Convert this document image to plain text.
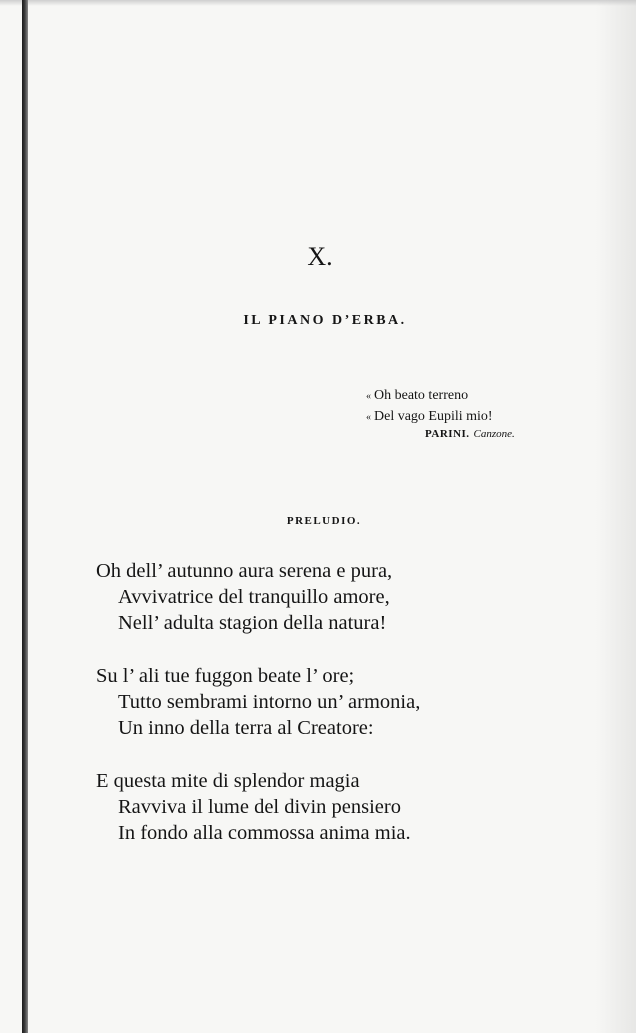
X.
IL PIANO D’ERBA.
« Oh beato terreno
« Del vago Eupili mio!
PARINI. Canzone.
PRELUDIO.
Oh dell’ autunno aura serena e pura,
Avvivatrice del tranquillo amore,
Nell’ adulta stagion della natura!
Su l’ ali tue fuggon beate l’ ore;
Tutto sembrami intorno un’ armonia,
Un inno della terra al Creatore:
E questa mite di splendor magia
Ravviva il lume del divin pensiero
In fondo alla commossa anima mia.
